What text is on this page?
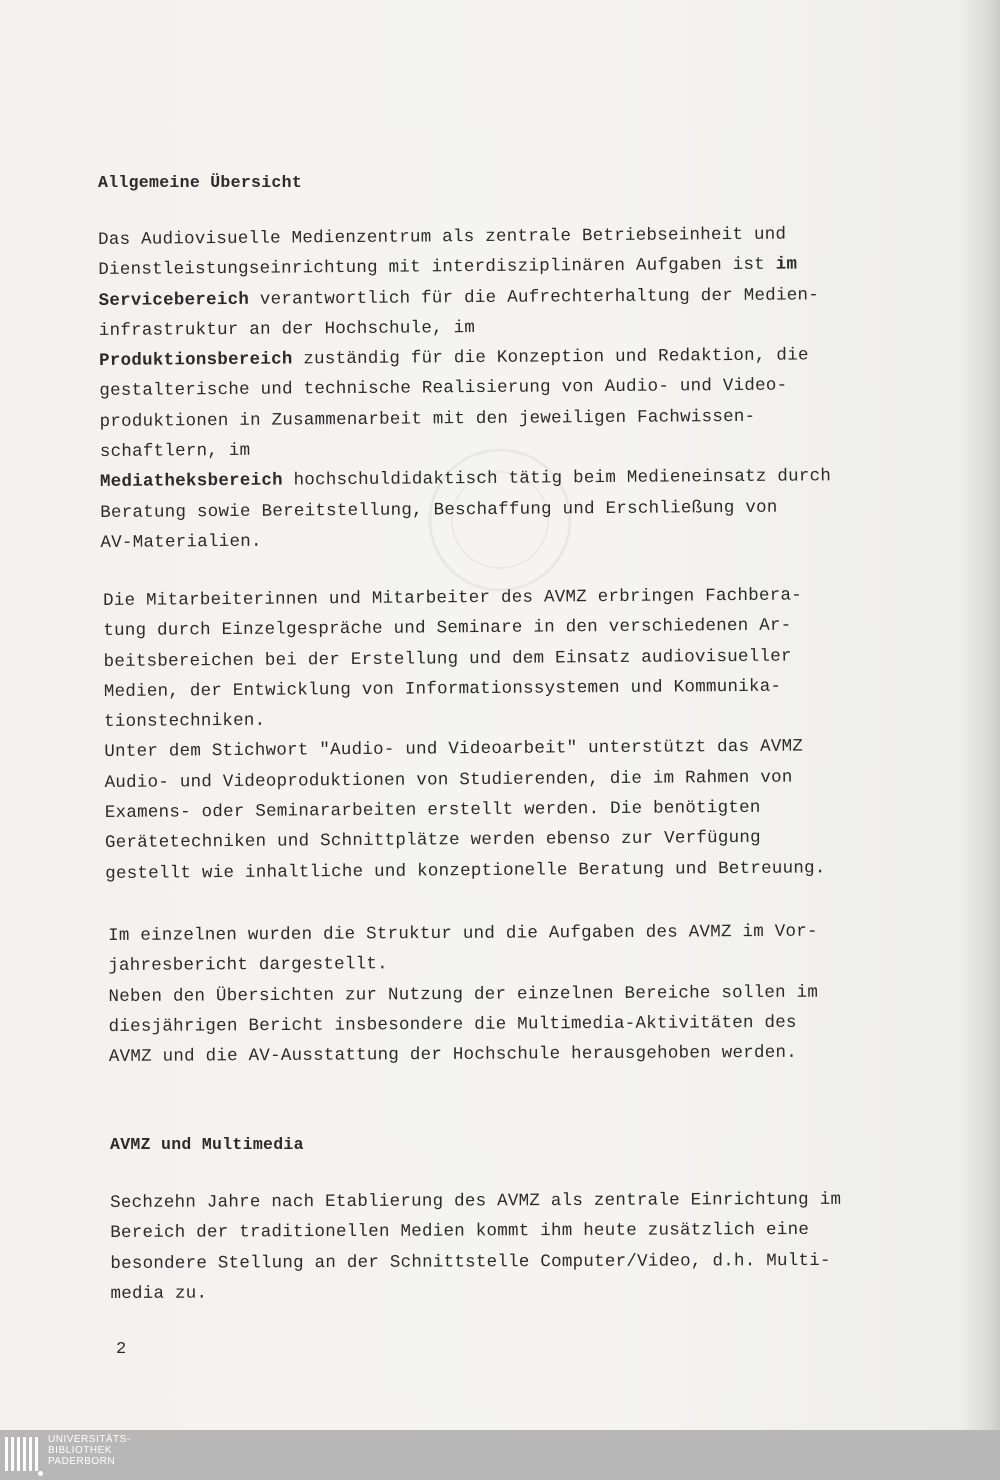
Allgemeine Übersicht

Das Audiovisuelle Medienzentrum als zentrale Betriebseinheit und
Dienstleistungseinrichtung mit interdisziplinären Aufgaben ist im
Servicebereich verantwortlich für die Aufrechterhaltung der Medien-
infrastruktur an der Hochschule, im
Produktionsbereich zuständig für die Konzeption und Redaktion, die
gestalterische und technische Realisierung von Audio- und Video-
produktionen in Zusammenarbeit mit den jeweiligen Fachwissen-
schaftlern, im
Mediatheksbereich hochschuldidaktisch tätig beim Medieneinsatz durch
Beratung sowie Bereitstellung, Beschaffung und Erschließung von
AV-Materialien.

Die Mitarbeiterinnen und Mitarbeiter des AVMZ erbringen Fachbera-
tung durch Einzelgespräche und Seminare in den verschiedenen Ar-
beitsbereichen bei der Erstellung und dem Einsatz audiovisueller
Medien, der Entwicklung von Informationssystemen und Kommunika-
tionstechniken.
Unter dem Stichwort "Audio- und Videoarbeit" unterstützt das AVMZ
Audio- und Videoproduktionen von Studierenden, die im Rahmen von
Examens- oder Seminararbeiten erstellt werden. Die benötigten
Gerätetechniken und Schnittplätze werden ebenso zur Verfügung
gestellt wie inhaltliche und konzeptionelle Beratung und Betreuung.

Im einzelnen wurden die Struktur und die Aufgaben des AVMZ im Vor-
jahresbericht dargestellt.
Neben den Übersichten zur Nutzung der einzelnen Bereiche sollen im
diesjährigen Bericht insbesondere die Multimedia-Aktivitäten des
AVMZ und die AV-Ausstattung der Hochschule herausgehoben werden.

AVMZ und Multimedia

Sechzehn Jahre nach Etablierung des AVMZ als zentrale Einrichtung im
Bereich der traditionellen Medien kommt ihm heute zusätzlich eine
besondere Stellung an der Schnittstelle Computer/Video, d.h. Multi-
media zu.

2
UNIVERSITÄTS-
BIBLIOTHEK
PADERBORN
